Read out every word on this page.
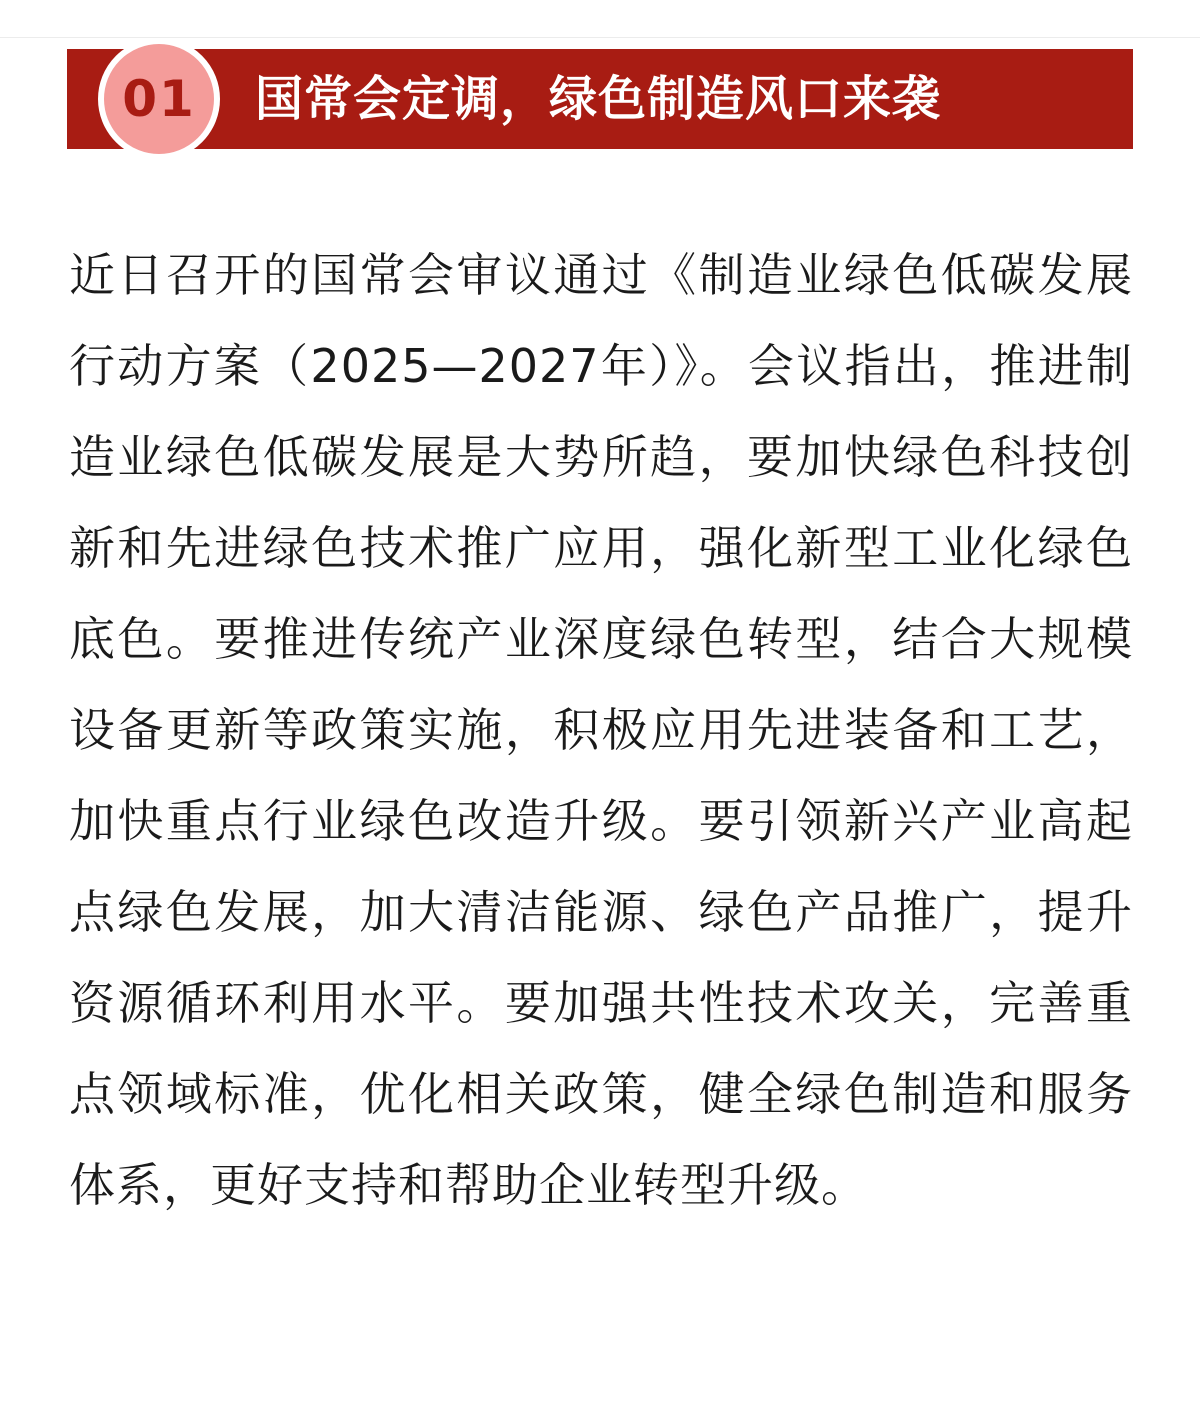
01 国常会定调，绿色制造风口来袭

近日召开的国常会审议通过《制造业绿色低碳发展行动方案（2025—2027年）》。会议指出，推进制造业绿色低碳发展是大势所趋，要加快绿色科技创新和先进绿色技术推广应用，强化新型工业化绿色底色。要推进传统产业深度绿色转型，结合大规模设备更新等政策实施，积极应用先进装备和工艺，加快重点行业绿色改造升级。要引领新兴产业高起点绿色发展，加大清洁能源、绿色产品推广，提升资源循环利用水平。要加强共性技术攻关，完善重点领域标准，优化相关政策，健全绿色制造和服务体系，更好支持和帮助企业转型升级。
